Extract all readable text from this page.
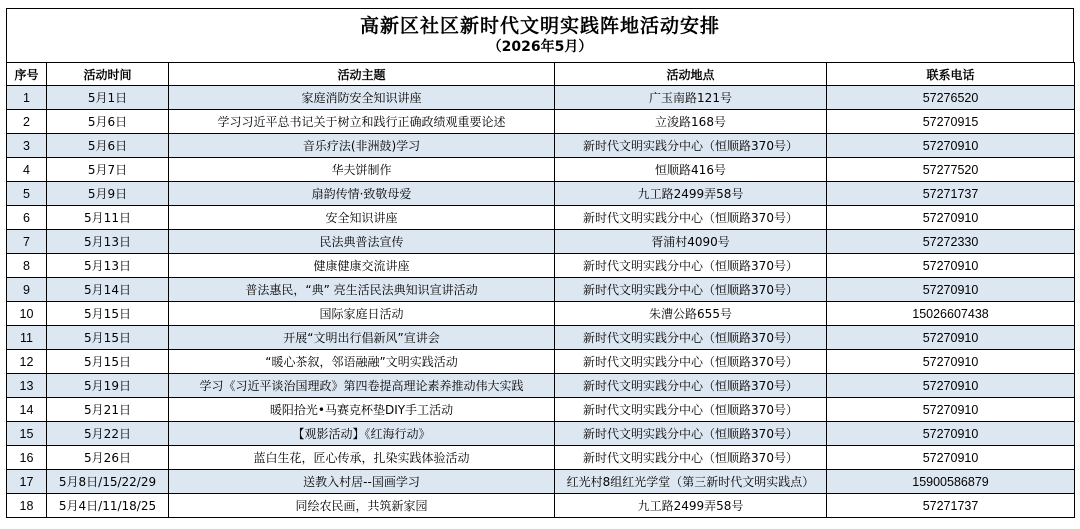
高新区社区新时代文明实践阵地活动安排
（2026年5月）
序号	活动时间	活动主题	活动地点	联系电话
1	5月1日	家庭消防安全知识讲座	广玉南路121号	57276520
2	5月6日	学习习近平总书记关于树立和践行正确政绩观重要论述	立浚路168号	57270915
3	5月6日	音乐疗法(非洲鼓)学习	新时代文明实践分中心（恒顺路370号）	57270910
4	5月7日	华夫饼制作	恒顺路416号	57277520
5	5月9日	扇韵传情·致敬母爱	九工路2499弄58号	57271737
6	5月11日	安全知识讲座	新时代文明实践分中心（恒顺路370号）	57270910
7	5月13日	民法典普法宣传	胥浦村4090号	57272330
8	5月13日	健康健康交流讲座	新时代文明实践分中心（恒顺路370号）	57270910
9	5月14日	普法惠民，“典” 亮生活民法典知识宣讲活动	新时代文明实践分中心（恒顺路370号）	57270910
10	5月15日	国际家庭日活动	朱漕公路655号	15026607438
11	5月15日	开展“文明出行倡新风”宣讲会	新时代文明实践分中心（恒顺路370号）	57270910
12	5月15日	“暖心茶叙，邻语融融”文明实践活动	新时代文明实践分中心（恒顺路370号）	57270910
13	5月19日	学习《习近平谈治国理政》第四卷提高理论素养推动伟大实践	新时代文明实践分中心（恒顺路370号）	57270910
14	5月21日	暖阳拾光•马赛克杯垫DIY手工活动	新时代文明实践分中心（恒顺路370号）	57270910
15	5月22日	【观影活动】《红海行动》	新时代文明实践分中心（恒顺路370号）	57270910
16	5月26日	蓝白生花，匠心传承，扎染实践体验活动	新时代文明实践分中心（恒顺路370号）	57270910
17	5月8日/15/22/29	送教入村居--国画学习	红光村8组红光学堂（第三新时代文明实践点）	15900586879
18	5月4日/11/18/25	同绘农民画，共筑新家园	九工路2499弄58号	57271737
